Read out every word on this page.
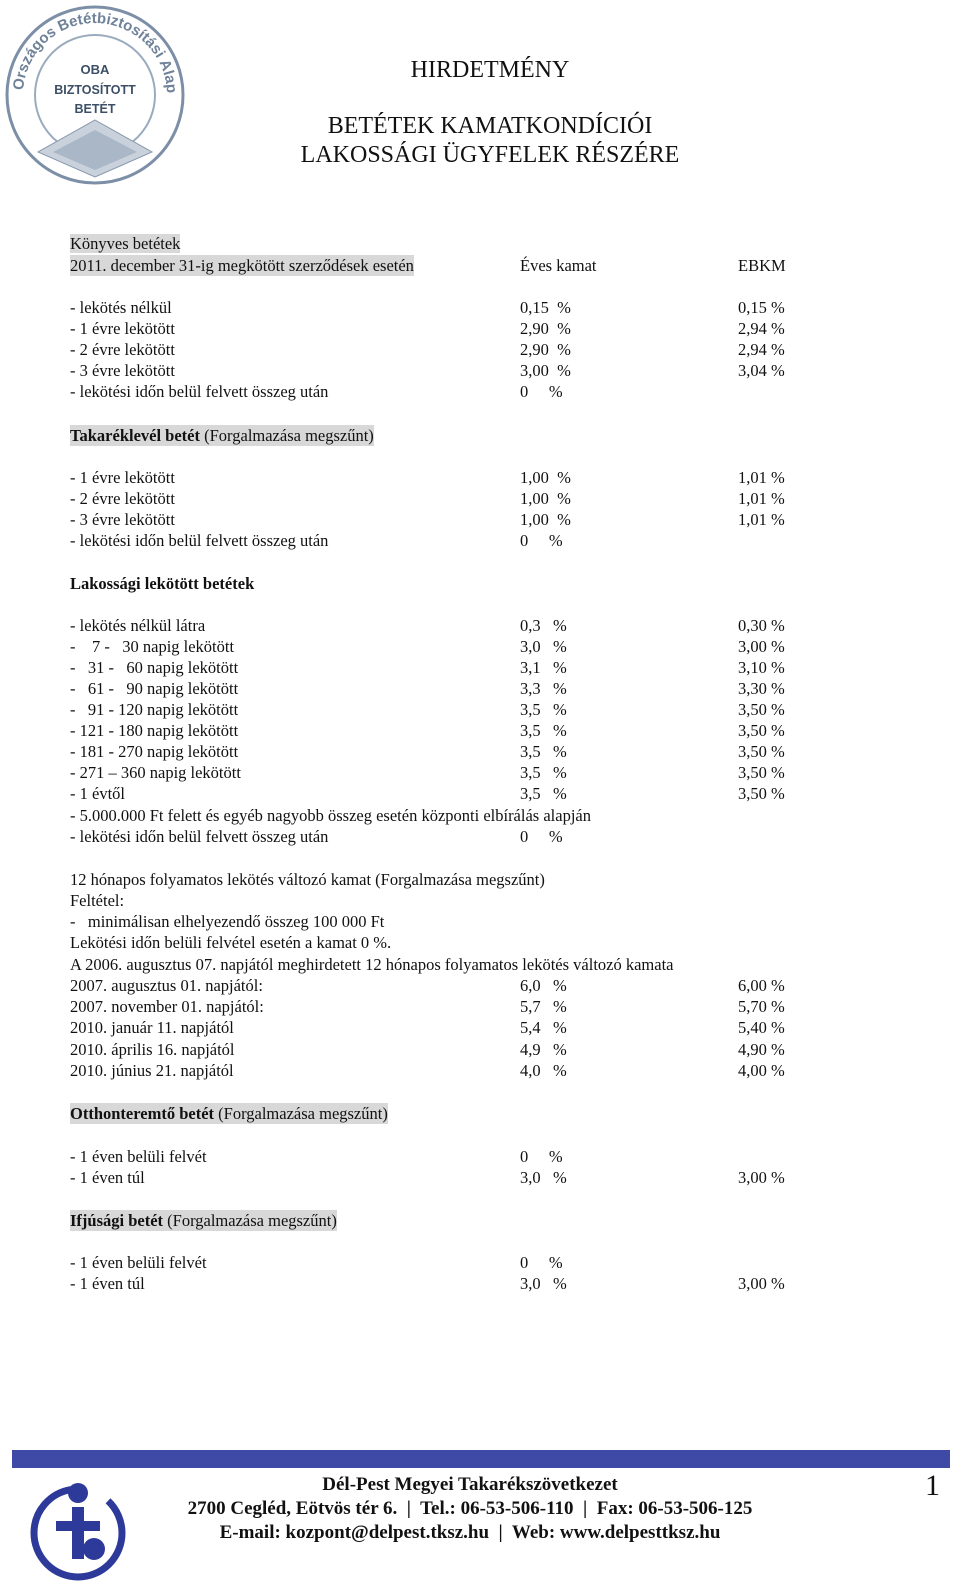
Országos Betétbiztosítási Alap
OBA
BIZTOSÍTOTT
BETÉT
HIRDETMÉNY
BETÉTEK KAMATKONDÍCIÓI
LAKOSSÁGI ÜGYFELEK RÉSZÉRE
Könyves betétek
2011. december 31-ig megkötött szerződések esetén	Éves kamat	EBKM
- lekötés nélkül	0,15  %	0,15 %
- 1 évre lekötött	2,90  %	2,94 %
- 2 évre lekötött	2,90  %	2,94 %
- 3 évre lekötött	3,00  %	3,04 %
- lekötési időn belül felvett összeg után	0     %
Takaréklevél betét (Forgalmazása megszűnt)
- 1 évre lekötött	1,00  %	1,01 %
- 2 évre lekötött	1,00  %	1,01 %
- 3 évre lekötött	1,00  %	1,01 %
- lekötési időn belül felvett összeg után	0     %
Lakossági lekötött betétek
- lekötés nélkül látra	0,3   %	0,30 %
-    7 -   30 napig lekötött	3,0   %	3,00 %
-   31 -   60 napig lekötött	3,1   %	3,10 %
-   61 -   90 napig lekötött	3,3   %	3,30 %
-   91 - 120 napig lekötött	3,5   %	3,50 %
- 121 - 180 napig lekötött	3,5   %	3,50 %
- 181 - 270 napig lekötött	3,5   %	3,50 %
- 271 – 360 napig lekötött	3,5   %	3,50 %
- 1 évtől	3,5   %	3,50 %
- 5.000.000 Ft felett és egyéb nagyobb összeg esetén központi elbírálás alapján
- lekötési időn belül felvett összeg után	0     %
12 hónapos folyamatos lekötés változó kamat (Forgalmazása megszűnt)
Feltétel:
-   minimálisan elhelyezendő összeg 100 000 Ft
Lekötési időn belüli felvétel esetén a kamat 0 %.
A 2006. augusztus 07. napjától meghirdetett 12 hónapos folyamatos lekötés változó kamata
2007. augusztus 01. napjától:	6,0   %	6,00 %
2007. november 01. napjától:	5,7   %	5,70 %
2010. január 11. napjától	5,4   %	5,40 %
2010. április 16. napjától	4,9   %	4,90 %
2010. június 21. napjától	4,0   %	4,00 %
Otthonteremtő betét (Forgalmazása megszűnt)
- 1 éven belüli felvét	0     %
- 1 éven túl	3,0   %	3,00 %
Ifjúsági betét (Forgalmazása megszűnt)
- 1 éven belüli felvét	0     %
- 1 éven túl	3,0   %	3,00 %
Dél-Pest Megyei Takarékszövetkezet
2700 Cegléd, Eötvös tér 6.  |  Tel.: 06-53-506-110  |  Fax: 06-53-506-125
E-mail: kozpont@delpest.tksz.hu  |  Web: www.delpesttksz.hu
1
